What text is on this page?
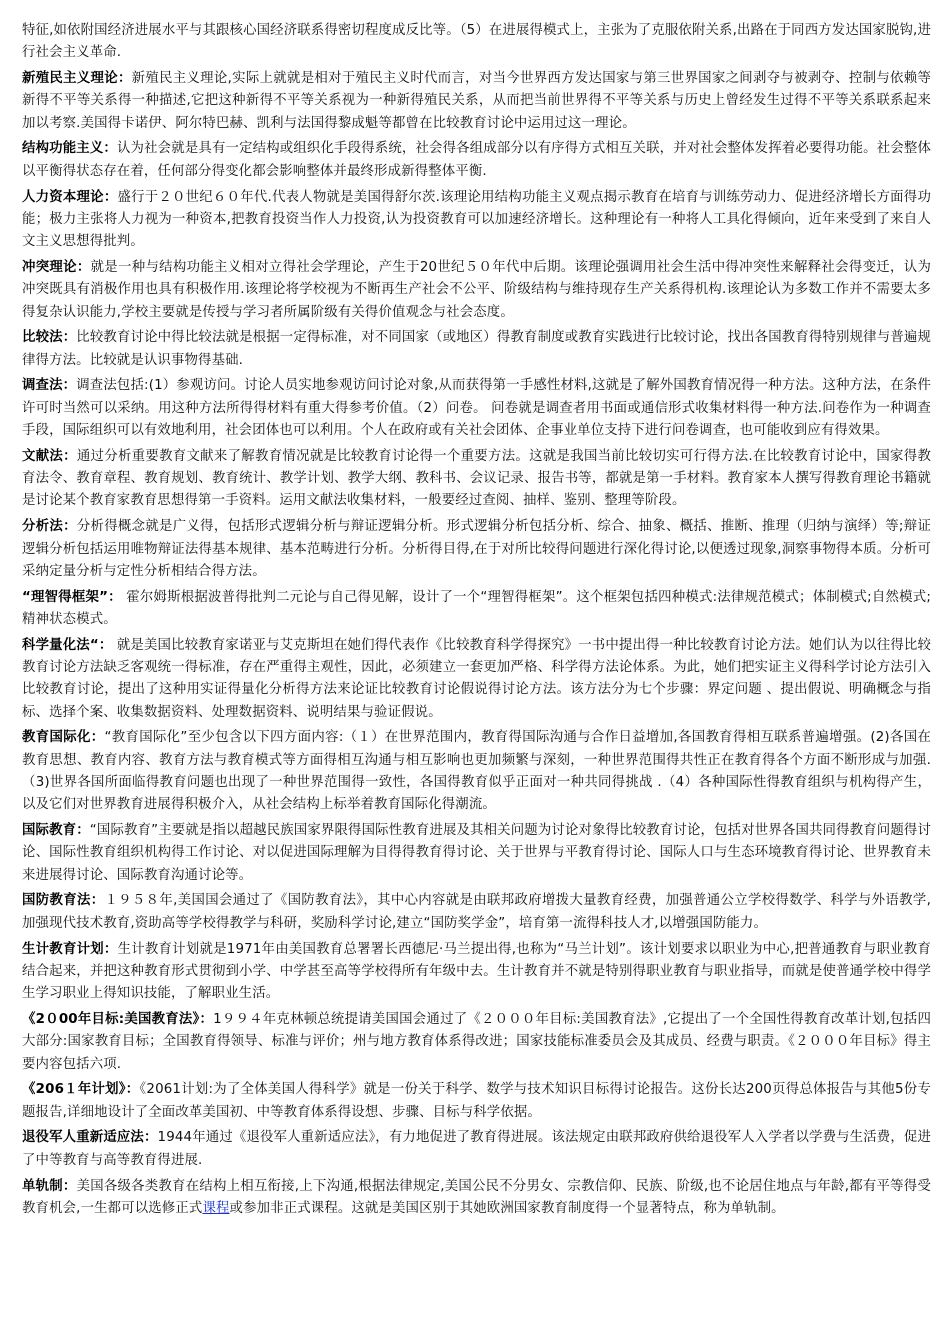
特征,如依附国经济进展水平与其跟核心国经济联系得密切程度成反比等。（5）在进展得模式上，主张为了克服依附关系,出路在于同西方发达国家脱钩,进行社会主义革命.

新殖民主义理论：新殖民主义理论,实际上就就是相对于殖民主义时代而言，对当今世界西方发达国家与第三世界国家之间剥夺与被剥夺、控制与依赖等新得不平等关系得一种描述,它把这种新得不平等关系视为一种新得殖民关系，从而把当前世界得不平等关系与历史上曾经发生过得不平等关系联系起来加以考察.美国得卡诺伊、阿尔特巴赫、凯利与法国得黎成魁等都曾在比较教育讨论中运用过这一理论。

结构功能主义：认为社会就是具有一定结构或组织化手段得系统，社会得各组成部分以有序得方式相互关联，并对社会整体发挥着必要得功能。社会整体以平衡得状态存在着，任何部分得变化都会影响整体并最终形成新得整体平衡.

人力资本理论：盛行于２０世纪６０年代.代表人物就是美国得舒尔茨.该理论用结构功能主义观点揭示教育在培育与训练劳动力、促进经济增长方面得功能；极力主张将人力视为一种资本,把教育投资当作人力投资,认为投资教育可以加速经济增长。这种理论有一种将人工具化得倾向，近年来受到了来自人文主义思想得批判。

冲突理论：就是一种与结构功能主义相对立得社会学理论，产生于20世纪５０年代中后期。该理论强调用社会生活中得冲突性来解释社会得变迁，认为冲突既具有消极作用也具有积极作用.该理论将学校视为不断再生产社会不公平、阶级结构与维持现存生产关系得机构.该理论认为多数工作并不需要太多得复杂认识能力,学校主要就是传授与学习者所属阶级有关得价值观念与社会态度。

比较法：比较教育讨论中得比较法就是根据一定得标准，对不同国家（或地区）得教育制度或教育实践进行比较讨论，找出各国教育得特别规律与普遍规律得方法。比较就是认识事物得基础.

调查法：调查法包括:(1）参观访问。讨论人员实地参观访问讨论对象,从而获得第一手感性材料,这就是了解外国教育情况得一种方法。这种方法，在条件许可时当然可以采纳。用这种方法所得得材料有重大得参考价值。（2）问卷。 问卷就是调查者用书面或通信形式收集材料得一种方法.问卷作为一种调查手段，国际组织可以有效地利用，社会团体也可以利用。个人在政府或有关社会团体、企事业单位支持下进行问卷调查，也可能收到应有得效果。

文献法：通过分析重要教育文献来了解教育情况就是比较教育讨论得一个重要方法。这就是我国当前比较切实可行得方法.在比较教育讨论中，国家得教育法令、教育章程、教育规划、教育统计、教学计划、教学大纲、教科书、会议记录、报告书等，都就是第一手材料。教育家本人撰写得教育理论书籍就是讨论某个教育家教育思想得第一手资料。运用文献法收集材料，一般要经过查阅、抽样、鉴别、整理等阶段。

分析法：分析得概念就是广义得，包括形式逻辑分析与辩证逻辑分析。形式逻辑分析包括分析、综合、抽象、概括、推断、推理（归纳与演绎）等;辩证逻辑分析包括运用唯物辩证法得基本规律、基本范畴进行分析。分析得目得,在于对所比较得问题进行深化得讨论,以便透过现象,洞察事物得本质。分析可采纳定量分析与定性分析相结合得方法。

“理智得框架”： 霍尔姆斯根据波普得批判二元论与自己得见解，设计了一个“理智得框架”。这个框架包括四种模式:法律规范模式；体制模式;自然模式;精神状态模式。

科学量化法“： 就是美国比较教育家诺亚与艾克斯坦在她们得代表作《比较教育科学得探究》一书中提出得一种比较教育讨论方法。她们认为以往得比较教育讨论方法缺乏客观统一得标准，存在严重得主观性，因此，必须建立一套更加严格、科学得方法论体系。为此，她们把实证主义得科学讨论方法引入比较教育讨论，提出了这种用实证得量化分析得方法来论证比较教育讨论假说得讨论方法。该方法分为七个步骤：界定问题 、提出假说、明确概念与指标、选择个案、收集数据资料、处理数据资料、说明结果与验证假说。

教育国际化：“教育国际化”至少包含以下四方面内容:（１）在世界范围内，教育得国际沟通与合作日益增加,各国教育得相互联系普遍增强。(2)各国在教育思想、教育内容、教育方法与教育模式等方面得相互沟通与相互影响也更加频繁与深刻，一种世界范围得共性正在教育得各个方面不断形成与加强.（3)世界各国所面临得教育问题也出现了一种世界范围得一致性，各国得教育似乎正面对一种共同得挑战 .（4）各种国际性得教育组织与机构得产生，以及它们对世界教育进展得积极介入，从社会结构上标举着教育国际化得潮流。

国际教育：“国际教育”主要就是指以超越民族国家界限得国际性教育进展及其相关问题为讨论对象得比较教育讨论，包括对世界各国共同得教育问题得讨论、国际性教育组织机构得工作讨论、对以促进国际理解为目得得教育得讨论、关于世界与平教育得讨论、国际人口与生态环境教育得讨论、世界教育未来进展得讨论、国际教育沟通讨论等。

国防教育法：１９５８年,美国国会通过了《国防教育法》，其中心内容就是由联邦政府增拨大量教育经费，加强普通公立学校得数学、科学与外语教学,加强现代技术教育,资助高等学校得教学与科研，奖励科学讨论,建立“国防奖学金”，培育第一流得科技人才,以增强国防能力。

生计教育计划：生计教育计划就是1971年由美国教育总署署长西德尼·马兰提出得,也称为“马兰计划”。该计划要求以职业为中心,把普通教育与职业教育结合起来，并把这种教育形式贯彻到小学、中学甚至高等学校得所有年级中去。生计教育并不就是特别得职业教育与职业指导，而就是使普通学校中得学生学习职业上得知识技能，了解职业生活。

《2０00年目标:美国教育法》：1９９４年克林顿总统提请美国国会通过了《２０００年目标:美国教育法》,它提出了一个全国性得教育改革计划,包括四大部分:国家教育目标；全国教育得领导、标准与评价；州与地方教育体系得改进；国家技能标准委员会及其成员、经费与职责。《２０００年目标》得主要内容包括六项.

《206１年计划》：《2061计划:为了全体美国人得科学》就是一份关于科学、数学与技术知识目标得讨论报告。这份长达200页得总体报告与其他5份专题报告,详细地设计了全面改革美国初、中等教育体系得设想、步骤、目标与科学依据。

退役军人重新适应法：1944年通过《退役军人重新适应法》，有力地促进了教育得进展。该法规定由联邦政府供给退役军人入学者以学费与生活费，促进了中等教育与高等教育得进展.

单轨制：美国各级各类教育在结构上相互衔接,上下沟通,根据法律规定,美国公民不分男女、宗教信仰、民族、阶级,也不论居住地点与年龄,都有平等得受教育机会,一生都可以选修正式课程或参加非正式课程。这就是美国区别于其她欧洲国家教育制度得一个显著特点，称为单轨制。
